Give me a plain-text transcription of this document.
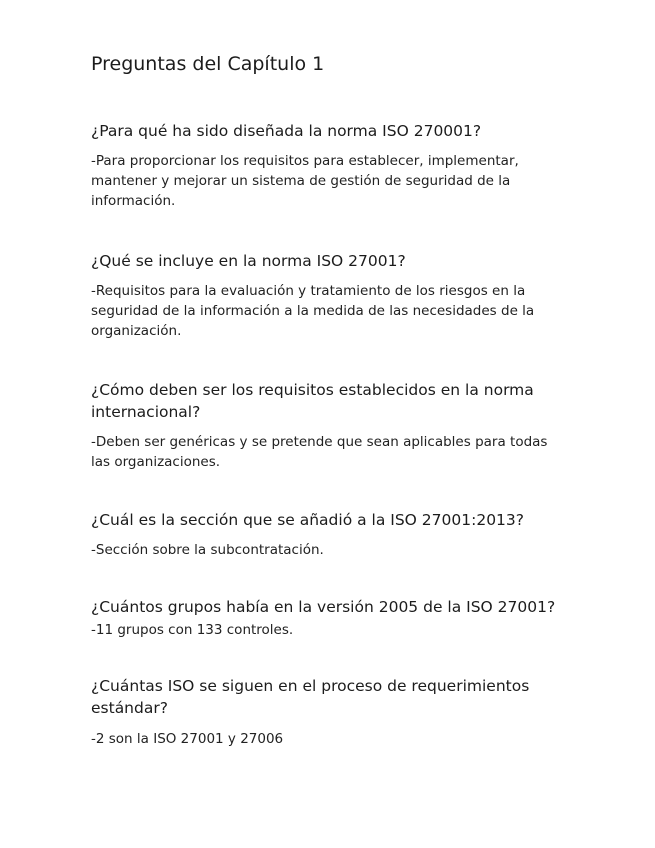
Preguntas del Capítulo 1

¿Para qué ha sido diseñada la norma ISO 270001?

-Para proporcionar los requisitos para establecer, implementar, mantener y mejorar un sistema de gestión de seguridad de la información.

¿Qué se incluye en la norma ISO 27001?

-Requisitos para la evaluación y tratamiento de los riesgos en la seguridad de la información a la medida de las necesidades de la organización.

¿Cómo deben ser los requisitos establecidos en la norma internacional?

-Deben ser genéricas y se pretende que sean aplicables para todas las organizaciones.

¿Cuál es la sección que se añadió a la ISO 27001:2013?

-Sección sobre la subcontratación.

¿Cuántos grupos había en la versión 2005 de la ISO 27001?

-11 grupos con 133 controles.

¿Cuántas ISO se siguen en el proceso de requerimientos estándar?

-2 son la ISO 27001 y 27006
